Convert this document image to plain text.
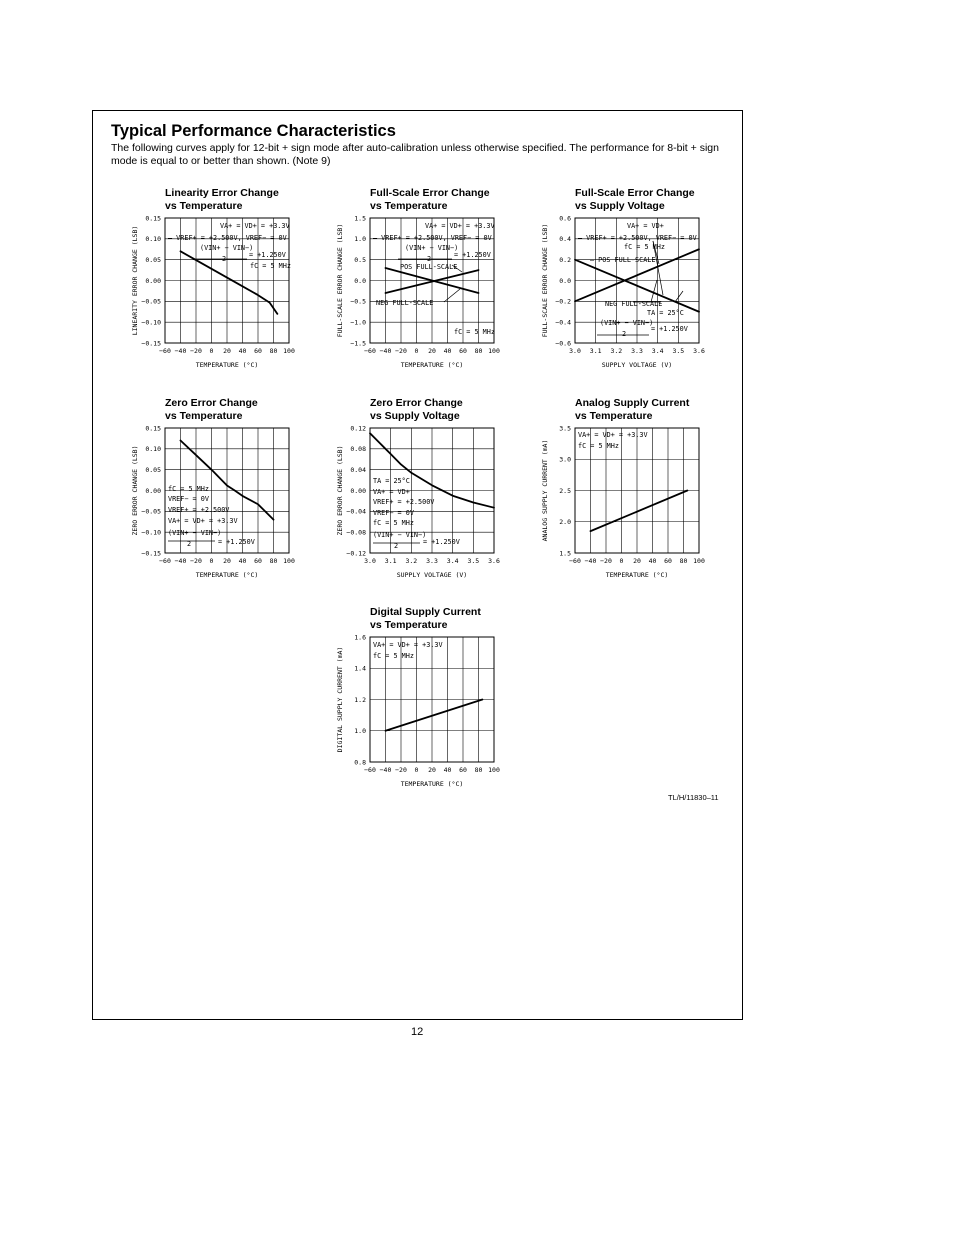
Typical Performance Characteristics
The following curves apply for 12-bit + sign mode after auto-calibration unless otherwise specified. The performance for 8-bit + sign mode is equal to or better than shown. (Note 9)
Linearity Error Change
vs Temperature
−60 −40 −20 0 20 40 60 80 100
0.15
0.10
0.05
0.00
−0.05
−0.10
−0.15
TEMPERATURE (°C)
LINEARITY ERROR CHANGE (LSB)	VA+ = VD+ = +3.3V
— VREF+ = +2.500V, VREF− = 0V
(VIN+ − VIN−)
2	= +1.250V
fC = 5 MHz
Full-Scale Error Change
vs Temperature
−60 −40 −20 0 20 40 60 80 100
1.5
1.0
0.5
0.0
−0.5
−1.0
−1.5
TEMPERATURE (°C)
FULL-SCALE ERROR CHANGE (LSB)	VA+ = VD+ = +3.3V
— VREF+ = +2.500V, VREF− = 0V
(VIN+ − VIN−)
2	= +1.250V
POS FULL-SCALE
NEG FULL-SCALE
fC = 5 MHz
Full-Scale Error Change
vs Supply Voltage
3.0 3.1 3.2 3.3 3.4 3.5 3.6
0.6
0.4
0.2
0.0
−0.2
−0.4
−0.6
SUPPLY VOLTAGE (V)
FULL-SCALE ERROR CHANGE (LSB)	VA+ = VD+
— VREF+ = +2.500V, VREF− = 0V
fC = 5 MHz
— POS FULL-SCALE
NEG FULL-SCALE
TA = 25°C
(VIN+ − VIN−)
2
= +1.250V
Zero Error Change
vs Temperature
−60 −40 −20 0 20 40 60 80 100
0.15
0.10
0.05
0.00
−0.05
−0.10
−0.15
TEMPERATURE (°C)
ZERO ERROR CHANGE (LSB)	fC = 5 MHz
VREF− = 0V
VREF+ = +2.500V
VA+ = VD+ = +3.3V
(VIN+ − VIN−)
2	= +1.250V
Zero Error Change
vs Supply Voltage
3.0 3.1 3.2 3.3 3.4 3.5 3.6
0.12
0.08
0.04
0.00
−0.04
−0.08
−0.12
SUPPLY VOLTAGE (V)
ZERO ERROR CHANGE (LSB)	TA = 25°C
VA+ = VD+
VREF+ = +2.500V
VREF− = 0V
fC = 5 MHz
(VIN+ − VIN−)
2	= +1.250V
Analog Supply Current
vs Temperature
−60 −40 −20 0 20 40 60 80 100
3.5
3.0
2.5
2.0
1.5
TEMPERATURE (°C)
ANALOG SUPPLY CURRENT (mA)
VA+ = VD+ = +3.3V
fC = 5 MHz
Digital Supply Current
vs Temperature
−60 −40 −20 0 20 40 60 80 100
1.6
1.4
1.2
1.0
0.8
TEMPERATURE (°C)
DIGITAL SUPPLY CURRENT (mA)
VA+ = VD+ = +3.3V
fC = 5 MHz
TL/H/11830–11
12
